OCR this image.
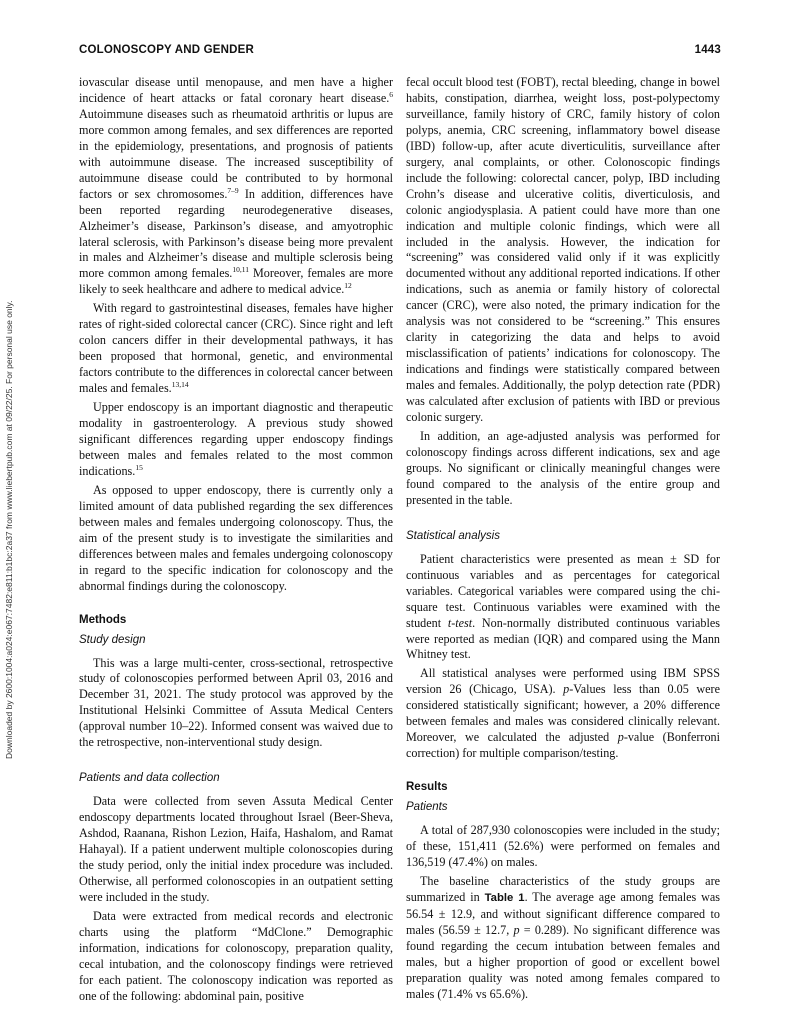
COLONOSCOPY AND GENDER	1443
Downloaded by 2600:1004:a024:e067:7482:e811:b1bc:2a37 from www.liebertpub.com at 09/22/25. For personal use only.

iovascular disease until menopause, and men have a higher incidence of heart attacks or fatal coronary heart disease.$^6$ Autoimmune diseases such as rheumatoid arthritis or lupus are more common among females, and sex differences are reported in the epidemiology, presentations, and prognosis of patients with autoimmune disease. The increased susceptibility of autoimmune disease could be contributed to by hormonal factors or sex chromosomes.$^{7-9}$ In addition, differences have been reported regarding neurodegenerative diseases, Alzheimer’s disease, Parkinson’s disease, and amyotrophic lateral sclerosis, with Parkinson’s disease being more prevalent in males and Alzheimer’s disease and multiple sclerosis being more common among females.$^{10,11}$ Moreover, females are more likely to seek healthcare and adhere to medical advice.$^{12}$

With regard to gastrointestinal diseases, females have higher rates of right-sided colorectal cancer (CRC). Since right and left colon cancers differ in their developmental pathways, it has been proposed that hormonal, genetic, and environmental factors contribute to the differences in colorectal cancer between males and females.$^{13,14}$

Upper endoscopy is an important diagnostic and therapeutic modality in gastroenterology. A previous study showed significant differences regarding upper endoscopy findings between males and females related to the most common indications.$^{15}$

As opposed to upper endoscopy, there is currently only a limited amount of data published regarding the sex differences between males and females undergoing colonoscopy. Thus, the aim of the present study is to investigate the similarities and differences between males and females undergoing colonoscopy in regard to the specific indication for colonoscopy and the abnormal findings during the colonoscopy.

Methods
Study design

This was a large multi-center, cross-sectional, retrospective study of colonoscopies performed between April 03, 2016 and December 31, 2021. The study protocol was approved by the Institutional Helsinki Committee of Assuta Medical Centers (approval number 10–22). Informed consent was waived due to the retrospective, non-interventional study design.

Patients and data collection

Data were collected from seven Assuta Medical Center endoscopy departments located throughout Israel (Beer-Sheva, Ashdod, Raanana, Rishon Lezion, Haifa, Hashalom, and Ramat Hahayal). If a patient underwent multiple colonoscopies during the study period, only the initial index procedure was included. Otherwise, all performed colonoscopies in an outpatient setting were included in the study.

Data were extracted from medical records and electronic charts using the platform “MdClone.” Demographic information, indications for colonoscopy, preparation quality, cecal intubation, and the colonoscopy findings were retrieved for each patient. The colonoscopy indication was reported as one of the following: abdominal pain, positive

fecal occult blood test (FOBT), rectal bleeding, change in bowel habits, constipation, diarrhea, weight loss, post-polypectomy surveillance, family history of CRC, family history of colon polyps, anemia, CRC screening, inflammatory bowel disease (IBD) follow-up, after acute diverticulitis, surveillance after surgery, anal complaints, or other. Colonoscopic findings include the following: colorectal cancer, polyp, IBD including Crohn’s disease and ulcerative colitis, diverticulosis, and colonic angiodysplasia. A patient could have more than one indication and multiple colonic findings, which were all included in the analysis. However, the indication for “screening” was considered valid only if it was explicitly documented without any additional reported indications. If other indications, such as anemia or family history of colorectal cancer (CRC), were also noted, the primary indication for the analysis was not considered to be “screening.” This ensures clarity in categorizing the data and helps to avoid misclassification of patients’ indications for colonoscopy. The indications and findings were statistically compared between males and females. Additionally, the polyp detection rate (PDR) was calculated after exclusion of patients with IBD or previous colonic surgery.

In addition, an age-adjusted analysis was performed for colonoscopy findings across different indications, sex and age groups. No significant or clinically meaningful changes were found compared to the analysis of the entire group and presented in the table.

Statistical analysis

Patient characteristics were presented as mean ± SD for continuous variables and as percentages for categorical variables. Categorical variables were compared using the chi-square test. Continuous variables were examined with the student t-test. Non-normally distributed continuous variables were reported as median (IQR) and compared using the Mann Whitney test.

All statistical analyses were performed using IBM SPSS version 26 (Chicago, USA). p-Values less than 0.05 were considered statistically significant; however, a 20% difference between females and males was considered clinically relevant. Moreover, we calculated the adjusted p-value (Bonferroni correction) for multiple comparison/testing.

Results
Patients

A total of 287,930 colonoscopies were included in the study; of these, 151,411 (52.6%) were performed on females and 136,519 (47.4%) on males.

The baseline characteristics of the study groups are summarized in Table 1. The average age among females was 56.54 ± 12.9, and without significant difference compared to males (56.59 ± 12.7, p = 0.289). No significant difference was found regarding the cecum intubation between females and males, but a higher proportion of good or excellent bowel preparation quality was noted among females compared to males (71.4% vs 65.6%).
